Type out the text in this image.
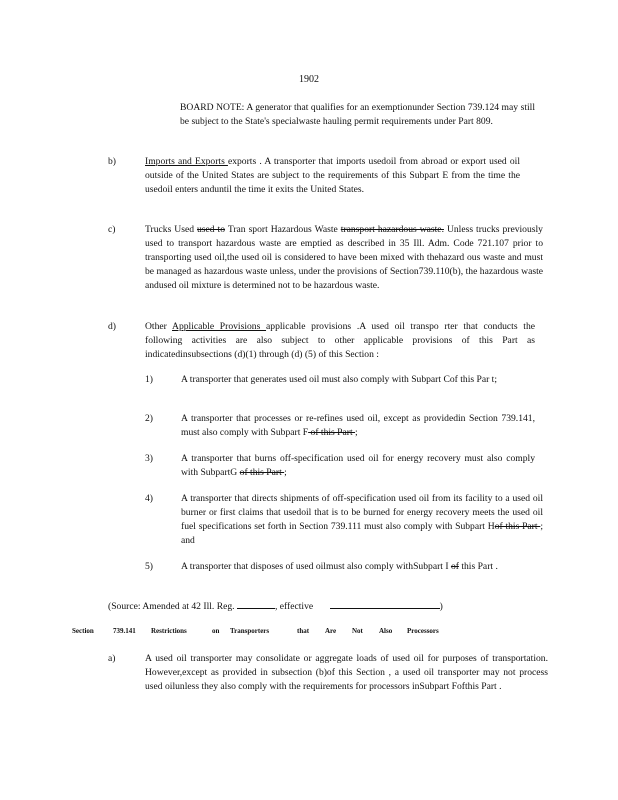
1902
BOARD NOTE: A generator that qualifies for an exemptionunder Section 739.124 may still be subject to the State's specialwaste hauling permit requirements under Part 809.
b)	Imports and Exports exports . A transporter that imports usedoil from abroad or export used oil outside of the United States are subject to the requirements of this Subpart E from the time the usedoil enters anduntil the time it exits the United States.
c)	Trucks Used used to Tran sport Hazardous Waste transport hazardous waste. Unless trucks previously used to transport hazardous waste are emptied as described in 35 Ill. Adm. Code 721.107 prior to transporting used oil,the used oil is considered to have been mixed with thehazard ous waste and must be managed as hazardous waste unless, under the provisions of Section739.110(b), the hazardous waste andused oil mixture is determined not to be hazardous waste.
d)	Other Applicable Provisions applicable provisions .A used oil transpo rter that conducts the following activities are also subject to other applicable provisions of this Part as indicatedinsubsections (d)(1) through (d) (5) of this Section :
1)	A transporter that generates used oil must also comply with Subpart Cof this Par t;
2)	A transporter that processes or re-refines used oil, except as providedin Section 739.141, must also comply with Subpart F of this Part ;
3)	A transporter that burns off-specification used oil for energy recovery must also comply with SubpartG of this Part ;
4)	A transporter that directs shipments of off-specification used oil from its facility to a used oil burner or first claims that usedoil that is to be burned for energy recovery meets the used oil fuel specifications set forth in Section 739.111 must also comply with Subpart Hof this Part ; and
5)	A transporter that disposes of used oilmust also comply withSubpart I of this Part .
(Source: Amended at 42 Ill. Reg.	, effective	)
Section	739.141 Restrictions	on Transporters	that Are Not Also Processors
a)	A used oil transporter may consolidate or aggregate loads of used oil for purposes of transportation. However,except as provided in subsection (b)of this Section , a used oil transporter may not process used oilunless they also comply with the requirements for processors inSubpart Fofthis Part .
